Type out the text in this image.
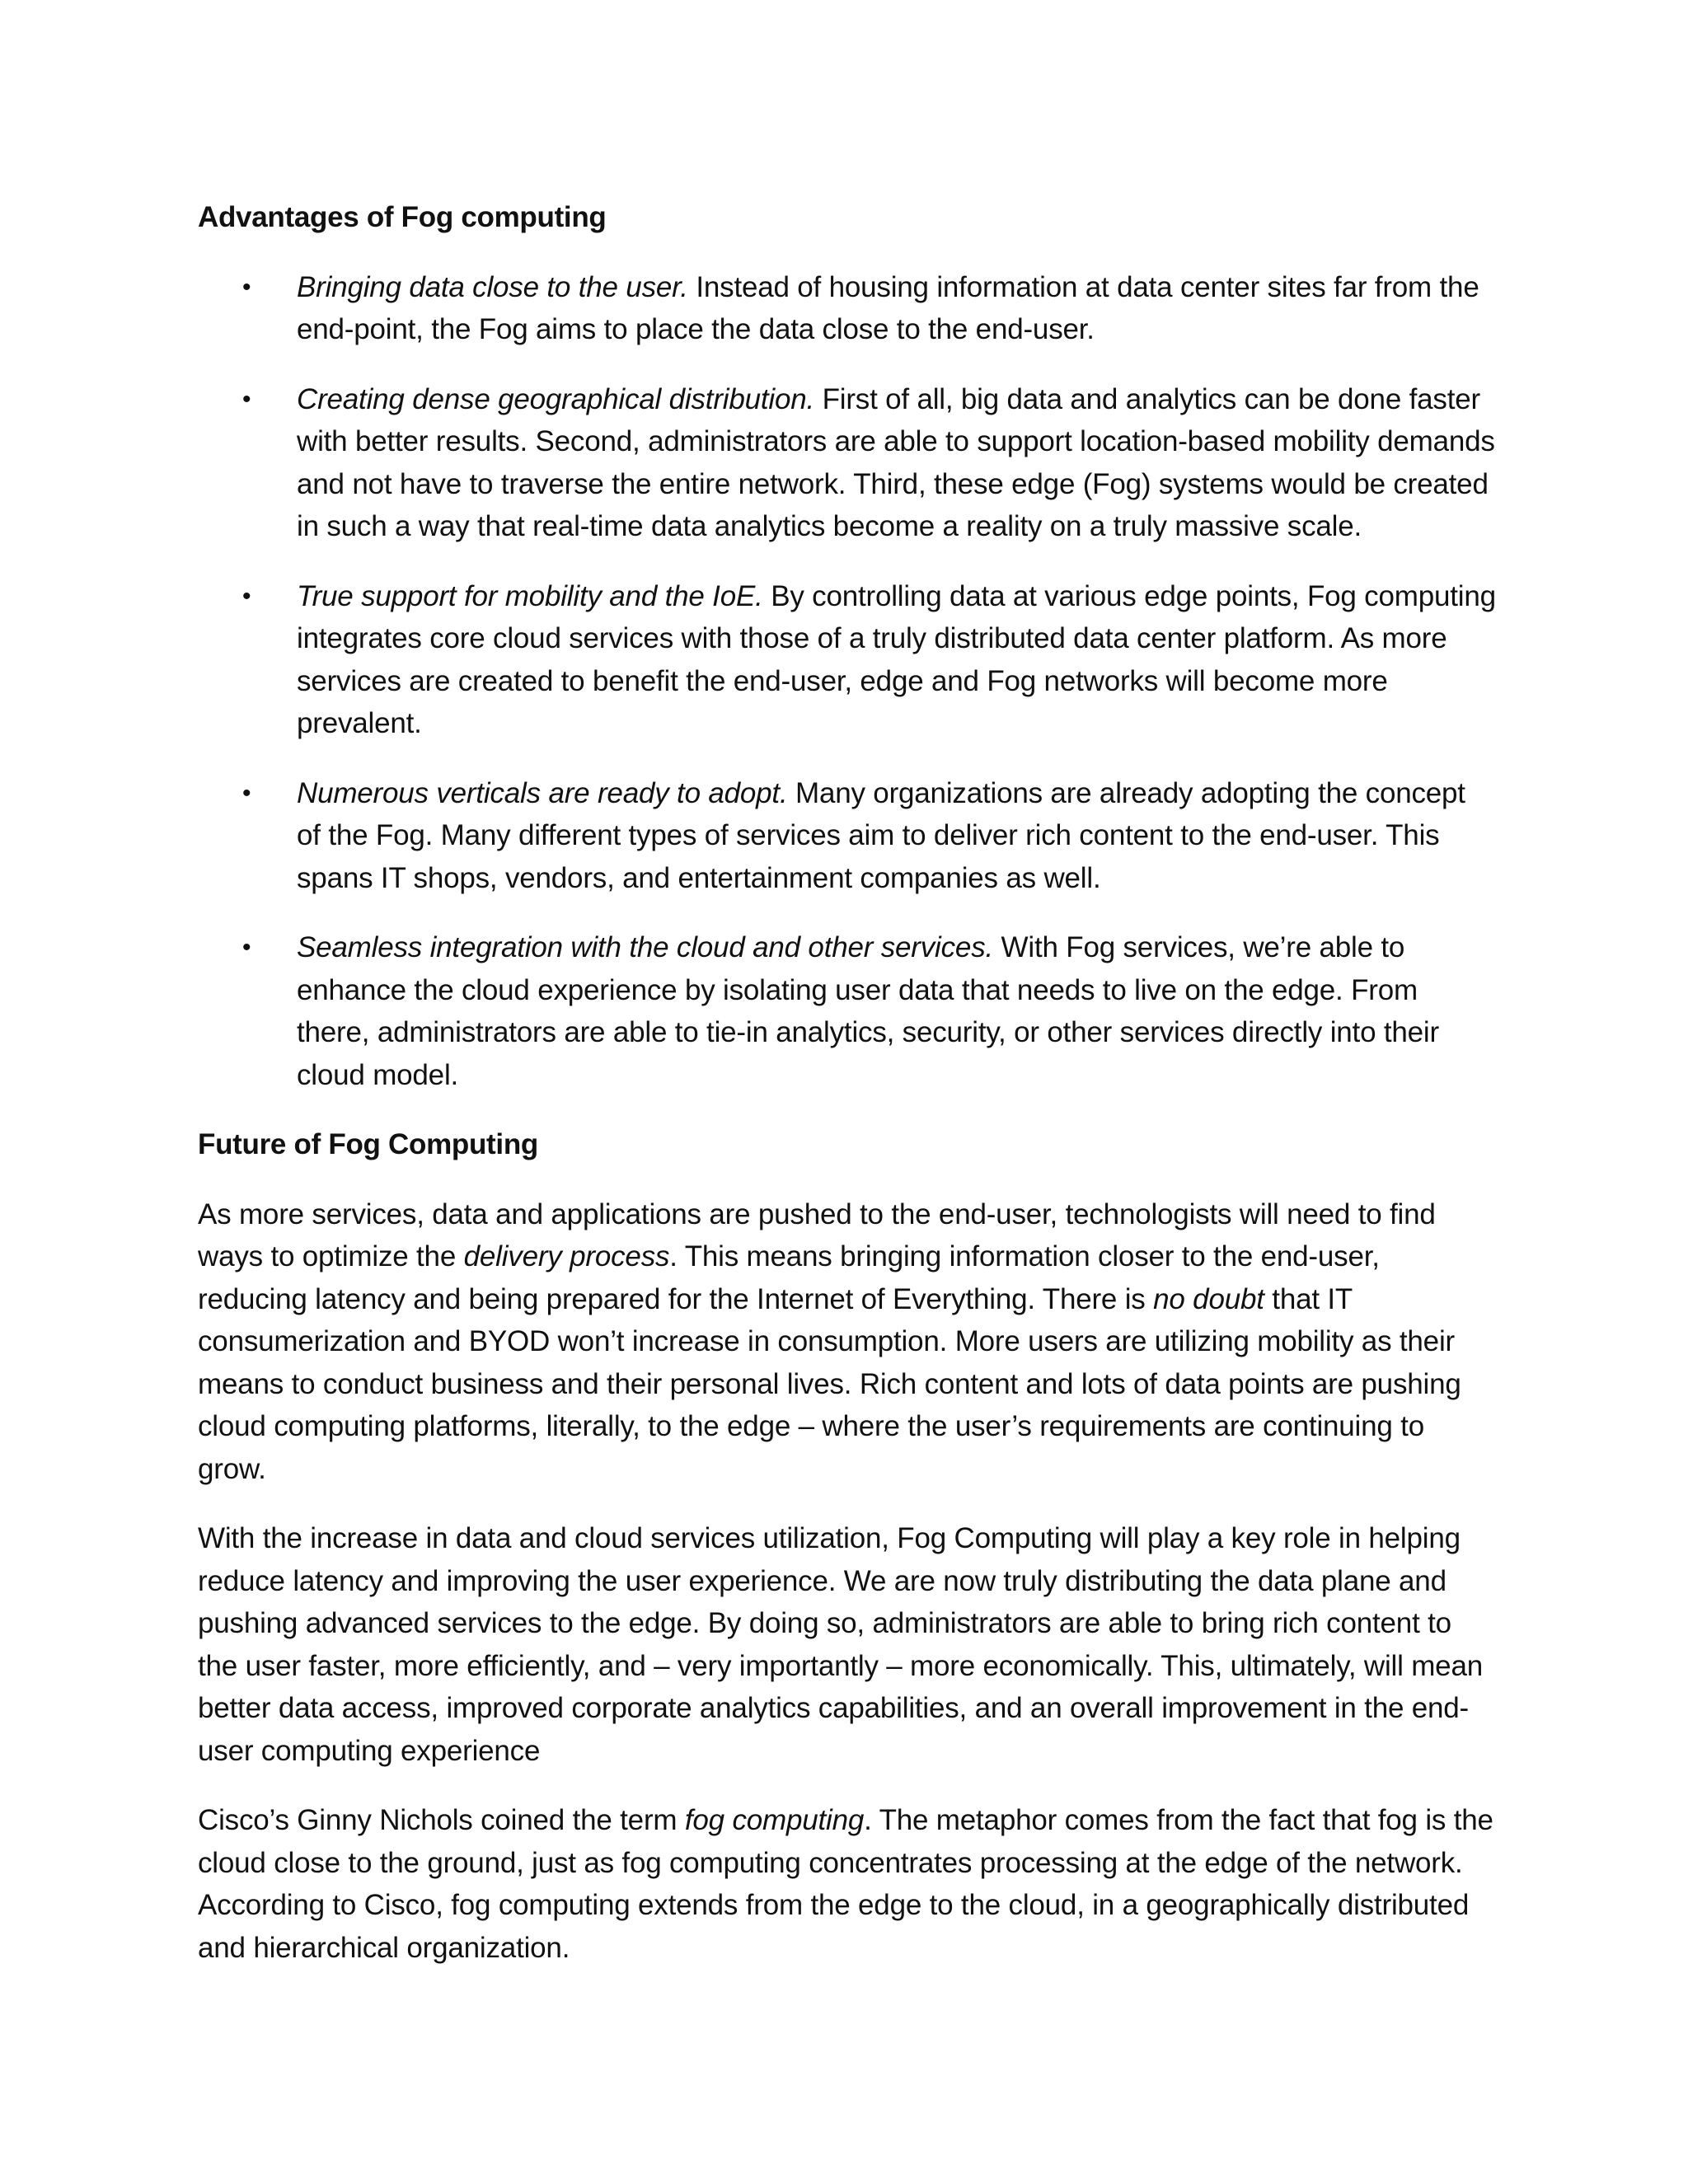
Advantages of Fog computing
• Bringing data close to the user. Instead of housing information at data center sites far from the end-point, the Fog aims to place the data close to the end-user.
• Creating dense geographical distribution. First of all, big data and analytics can be done faster with better results. Second, administrators are able to support location-based mobility demands and not have to traverse the entire network. Third, these edge (Fog) systems would be created in such a way that real-time data analytics become a reality on a truly massive scale.
• True support for mobility and the IoE. By controlling data at various edge points, Fog computing integrates core cloud services with those of a truly distributed data center platform. As more services are created to benefit the end-user, edge and Fog networks will become more prevalent.
• Numerous verticals are ready to adopt. Many organizations are already adopting the concept of the Fog. Many different types of services aim to deliver rich content to the end-user. This spans IT shops, vendors, and entertainment companies as well.
• Seamless integration with the cloud and other services. With Fog services, we’re able to enhance the cloud experience by isolating user data that needs to live on the edge. From there, administrators are able to tie-in analytics, security, or other services directly into their cloud model.
Future of Fog Computing

As more services, data and applications are pushed to the end-user, technologists will need to find ways to optimize the delivery process. This means bringing information closer to the end-user, reducing latency and being prepared for the Internet of Everything. There is no doubt that IT consumerization and BYOD won’t increase in consumption. More users are utilizing mobility as their means to conduct business and their personal lives. Rich content and lots of data points are pushing cloud computing platforms, literally, to the edge – where the user’s requirements are continuing to grow.

With the increase in data and cloud services utilization, Fog Computing will play a key role in helping reduce latency and improving the user experience. We are now truly distributing the data plane and pushing advanced services to the edge. By doing so, administrators are able to bring rich content to the user faster, more efficiently, and – very importantly – more economically. This, ultimately, will mean better data access, improved corporate analytics capabilities, and an overall improvement in the end-user computing experience

Cisco’s Ginny Nichols coined the term fog computing. The metaphor comes from the fact that fog is the cloud close to the ground, just as fog computing concentrates processing at the edge of the network. According to Cisco, fog computing extends from the edge to the cloud, in a geographically distributed and hierarchical organization.
